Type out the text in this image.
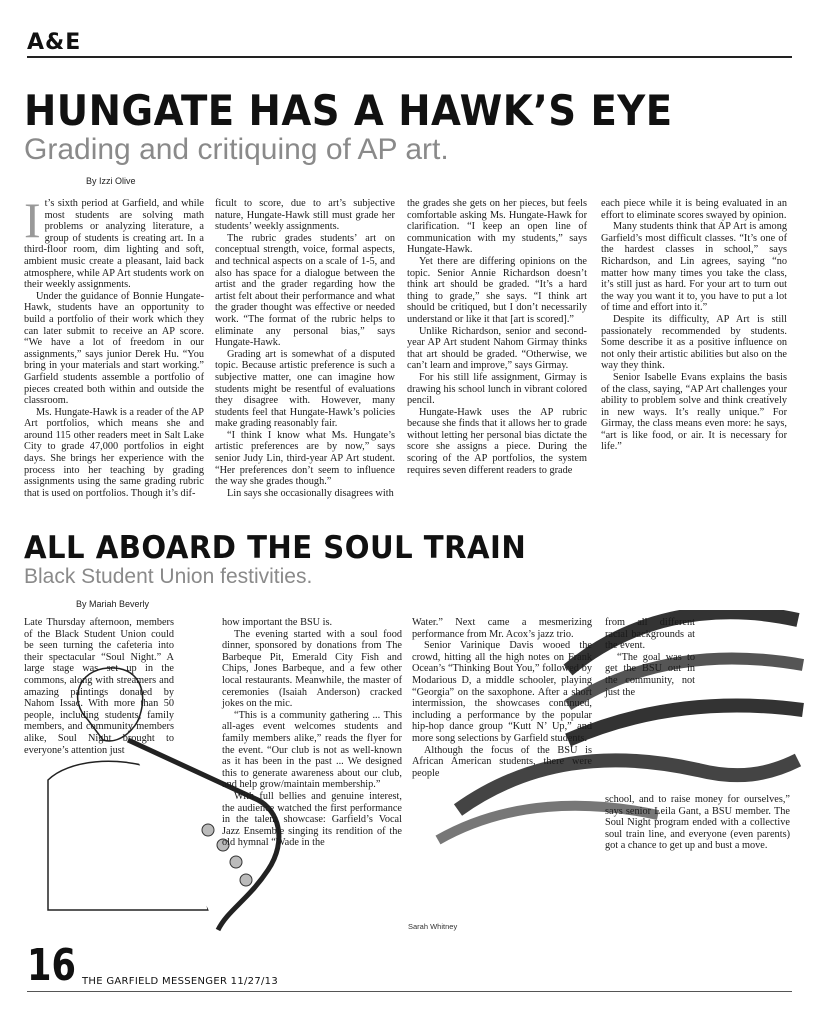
A&E
HUNGATE HAS A HAWK’S EYE
Grading and critiquing of AP art.
By Izzi Olive
I t’s sixth period at Garfield, and while most students are solving math problems or analyzing literature, a group of students is creating art. In a third-floor room, dim lighting and soft, ambient music create a pleasant, laid back atmosphere, while AP Art students work on their weekly assignments.

Under the guidance of Bonnie Hungate-Hawk, students have an opportunity to build a portfolio of their work which they can later submit to receive an AP score. “We have a lot of freedom in our assignments,” says junior Derek Hu. “You bring in your materials and start working.” Garfield students assemble a portfolio of pieces created both within and outside the classroom.

Ms. Hungate-Hawk is a reader of the AP Art portfolios, which means she and around 115 other readers meet in Salt Lake City to grade 47,000 portfolios in eight days. She brings her experience with the process into her teaching by grading assignments using the same grading rubric that is used on portfolios. Though it’s dif-

ficult to score, due to art’s subjective nature, Hungate-Hawk still must grade her students’ weekly assignments.

The rubric grades students’ art on conceptual strength, voice, formal aspects, and technical aspects on a scale of 1-5, and also has space for a dialogue between the artist and the grader regarding how the artist felt about their performance and what the grader thought was effective or needed work. “The format of the rubric helps to eliminate any personal bias,” says Hungate-Hawk.

Grading art is somewhat of a disputed topic. Because artistic preference is such a subjective matter, one can imagine how students might be resentful of evaluations they disagree with. However, many students feel that Hungate-Hawk’s policies make grading reasonably fair.

“I think I know what Ms. Hungate’s artistic preferences are by now,” says senior Judy Lin, third-year AP Art student. “Her preferences don’t seem to influence the way she grades though.”

Lin says she occasionally disagrees with

the grades she gets on her pieces, but feels comfortable asking Ms. Hungate-Hawk for clarification. “I keep an open line of communication with my students,” says Hungate-Hawk.

Yet there are differing opinions on the topic. Senior Annie Richardson doesn’t think art should be graded. “It’s a hard thing to grade,” she says. “I think art should be critiqued, but I don’t necessarily understand or like it that [art is scored].”

Unlike Richardson, senior and second-year AP Art student Nahom Girmay thinks that art should be graded. “Otherwise, we can’t learn and improve,” says Girmay.

For his still life assignment, Girmay is drawing his school lunch in vibrant colored pencil.

Hungate-Hawk uses the AP rubric because she finds that it allows her to grade without letting her personal bias dictate the score she assigns a piece. During the scoring of the AP portfolios, the system requires seven different readers to grade

each piece while it is being evaluated in an effort to eliminate scores swayed by opinion.

Many students think that AP Art is among Garfield’s most difficult classes. “It’s one of the hardest classes in school,” says Richardson, and Lin agrees, saying “no matter how many times you take the class, it’s still just as hard. For your art to turn out the way you want it to, you have to put a lot of time and effort into it.”

Despite its difficulty, AP Art is still passionately recommended by students. Some describe it as a positive influence on not only their artistic abilities but also on the way they think.

Senior Isabelle Evans explains the basis of the class, saying, “AP Art challenges your ability to problem solve and think creatively in new ways. It’s really unique.” For Girmay, the class means even more: he says, “art is like food, or air. It is necessary for life.”

ALL ABOARD THE SOUL TRAIN
Black Student Union festivities.
By Mariah Beverly

Late Thursday afternoon, members of the Black Student Union could be seen turning the cafeteria into their spectacular “Soul Night.” A large stage was set up in the commons, along with streamers and amazing paintings donated by Nahom Issac. With more than 50 people, including students, family members, and community members alike, Soul Night brought to everyone’s attention just

how important the BSU is.

The evening started with a soul food dinner, sponsored by donations from The Barbeque Pit, Emerald City Fish and Chips, Jones Barbeque, and a few other local restaurants. Meanwhile, the master of ceremonies (Isaiah Anderson) cracked jokes on the mic.

“This is a community gathering ... This all-ages event welcomes students and family members alike,” reads the flyer for the event. “Our club is not as well-known as it has been in the past ... We designed this to generate awareness about our club, and help grow/maintain membership.”

With full bellies and genuine interest, the audience watched the first performance in the talent showcase: Garfield’s Vocal Jazz Ensemble singing its rendition of the old hymnal “Wade in the

Water.” Next came a mesmerizing performance from Mr. Acox’s jazz trio.

Senior Varinique Davis wooed the crowd, hitting all the high notes on Frank Ocean’s “Thinking Bout You,” followed by Modarious D, a middle schooler, playing “Georgia” on the saxophone. After a short intermission, the showcases continued, including a performance by the popular hip-hop dance group “Kutt N’ Up,” and more song selections by Garfield students.

Although the focus of the BSU is African American students, there were people

from all different racial backgrounds at the event.

“The goal was to get the BSU out in the community, not just the

school, and to raise money for ourselves,” says senior Leila Gant, a BSU member. The Soul Night program ended with a collective soul train line, and everyone (even parents) got a chance to get up and bust a move.

Sarah Whitney
16 THE GARFIELD MESSENGER 11/27/13
